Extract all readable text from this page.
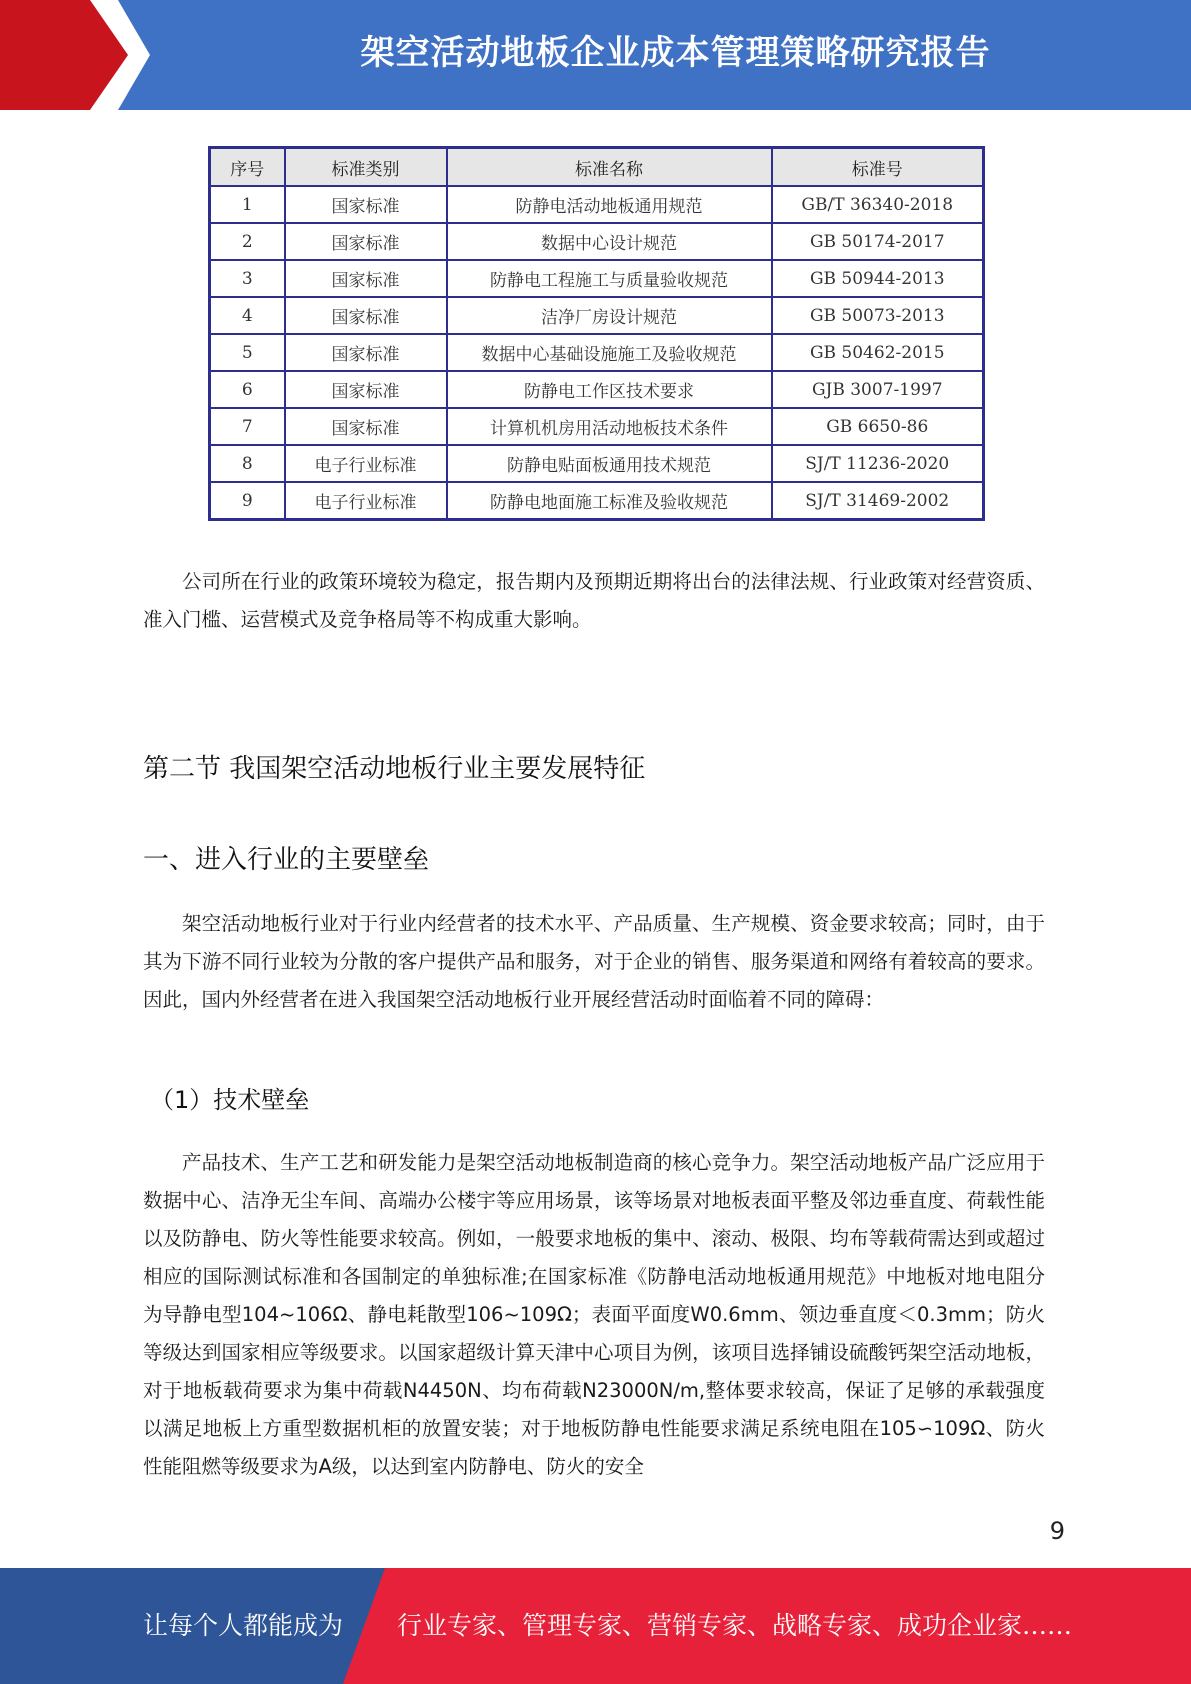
架空活动地板企业成本管理策略研究报告
序号	标准类别	标准名称	标准号
1	国家标准	防静电活动地板通用规范	GB/T 36340-2018
2	国家标准	数据中心设计规范	GB 50174-2017
3	国家标准	防静电工程施工与质量验收规范	GB 50944-2013
4	国家标准	洁净厂房设计规范	GB 50073-2013
5	国家标准	数据中心基础设施施工及验收规范	GB 50462-2015
6	国家标准	防静电工作区技术要求	GJB 3007-1997
7	国家标准	计算机机房用活动地板技术条件	GB 6650-86
8	电子行业标准	防静电贴面板通用技术规范	SJ/T 11236-2020
9	电子行业标准	防静电地面施工标准及验收规范	SJ/T 31469-2002

公司所在行业的政策环境较为稳定，报告期内及预期近期将出台的法律法规、行业政策对经营资质、准入门槛、运营模式及竞争格局等不构成重大影响。

第二节 我国架空活动地板行业主要发展特征
一、进入行业的主要壁垒

架空活动地板行业对于行业内经营者的技术水平、产品质量、生产规模、资金要求较高；同时，由于其为下游不同行业较为分散的客户提供产品和服务，对于企业的销售、服务渠道和网络有着较高的要求。因此，国内外经营者在进入我国架空活动地板行业开展经营活动时面临着不同的障碍：

（1）技术壁垒

产品技术、生产工艺和研发能力是架空活动地板制造商的核心竞争力。架空活动地板产品广泛应用于数据中心、洁净无尘车间、高端办公楼宇等应用场景，该等场景对地板表面平整及邻边垂直度、荷载性能以及防静电、防火等性能要求较高。例如，一般要求地板的集中、滚动、极限、均布等载荷需达到或超过相应的国际测试标准和各国制定的单独标准;在国家标准《防静电活动地板通用规范》中地板对地电阻分为导静电型104~106Ω、静电耗散型106~109Ω；表面平面度W0.6mm、领边垂直度＜0.3mm；防火等级达到国家相应等级要求。以国家超级计算天津中心项目为例，该项目选择铺设硫酸钙架空活动地板，对于地板载荷要求为集中荷载N4450N、均布荷载N23000N/m,整体要求较高，保证了足够的承载强度以满足地板上方重型数据机柜的放置安装；对于地板防静电性能要求满足系统电阻在105∽109Ω、防火性能阻燃等级要求为A级，以达到室内防静电、防火的安全

9
让每个人都能成为 行业专家、管理专家、营销专家、战略专家、成功企业家……
